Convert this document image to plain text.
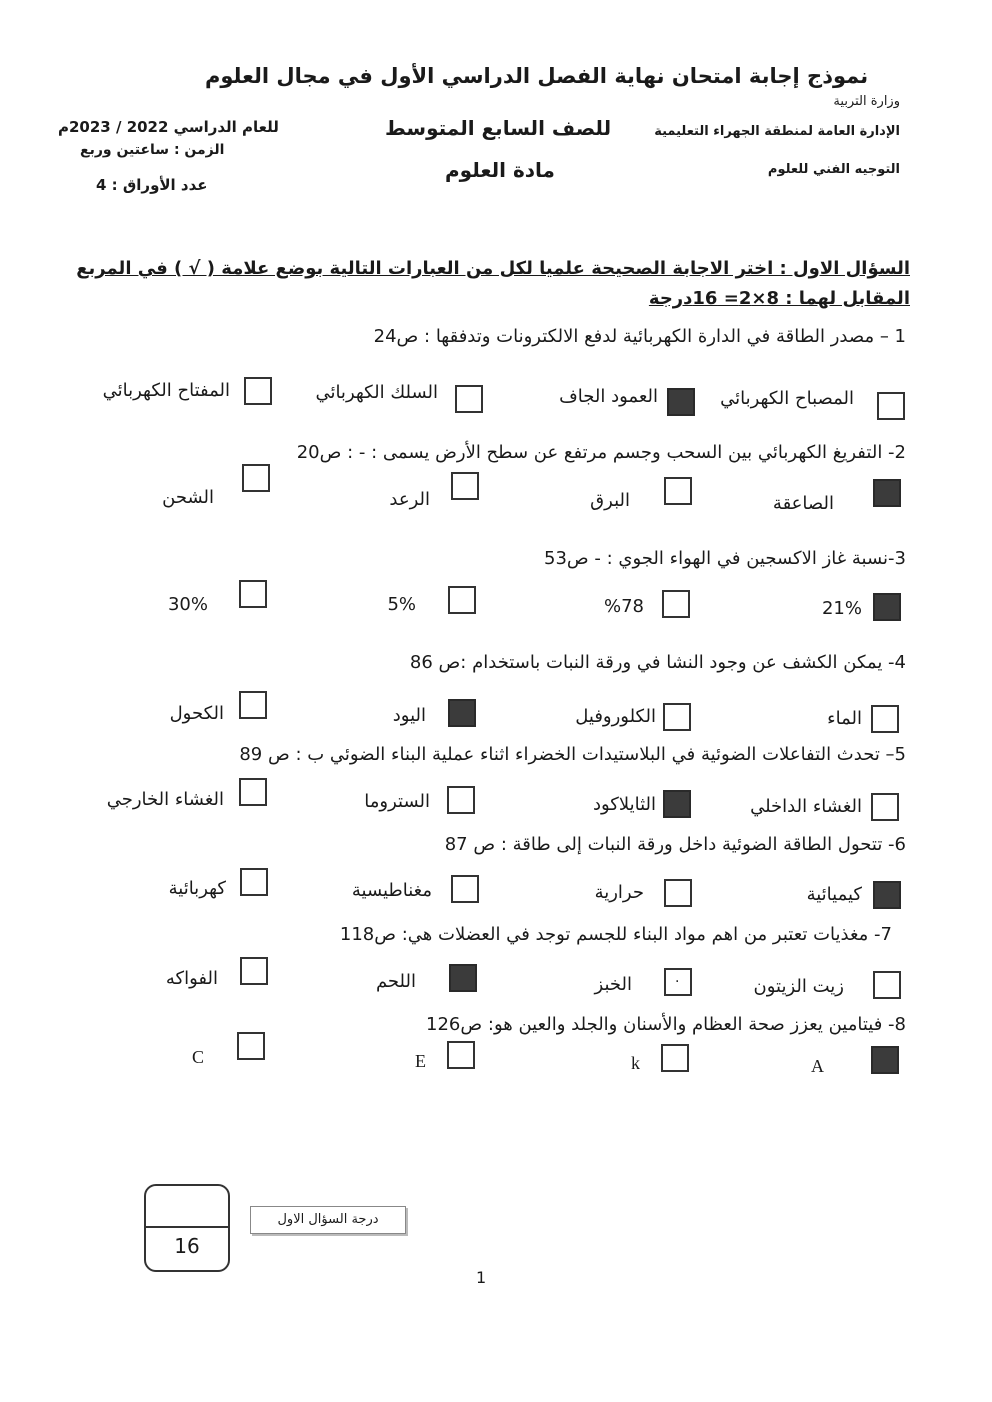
نموذج إجابة امتحان نهاية الفصل الدراسي الأول في مجال العلوم
وزارة التربية
الإدارة العامة لمنطقة الجهراء التعليمية
التوجيه الفني للعلوم
للصف السابع المتوسط
مادة العلوم
للعام الدراسي 2022 / 2023م
الزمن : ساعتين وربع
عدد الأوراق : 4
السؤال الاول : اختر الاجابة الصحيحة علميا لكل من العبارات التالية بوضع علامة ( √ ) في المربع
المقابل لهما : 8×2= 16درجة
1 – مصدر الطاقة في الدارة الكهربائية لدفع الالكترونات وتدفقها : ص24
المصباح الكهربائي
العمود الجاف
السلك الكهربائي
المفتاح الكهربائي
2- التفريغ الكهربائي بين السحب وجسم مرتفع عن سطح الأرض يسمى : - : ص20
الصاعقة
البرق
الرعد
الشحن
3-نسبة غاز الاكسجين في الهواء الجوي : - ص53
21%
%78
5%
30%
4- يمكن الكشف عن وجود النشا في ورقة النبات باستخدام :ص 86
الماء
الكلوروفيل
اليود
الكحول
5– تحدث التفاعلات الضوئية في البلاستيدات الخضراء اثناء عملية البناء الضوئي ب : ص 89
الغشاء الداخلي
الثايلاكود
الستروما
الغشاء الخارجي
6- تتحول الطاقة الضوئية داخل ورقة النبات إلى طاقة : ص 87
كيميائية
حرارية
مغناطيسية
كهربائية
7- مغذيات تعتبر من اهم مواد البناء للجسم توجد في العضلات هي: ص118
زيت الزيتون
.
الخبز
اللحم
الفواكه
8- فيتامين يعزز صحة العظام والأسنان والجلد والعين هو: ص126
A
k
E
C
16
درجة السؤال الاول
1
